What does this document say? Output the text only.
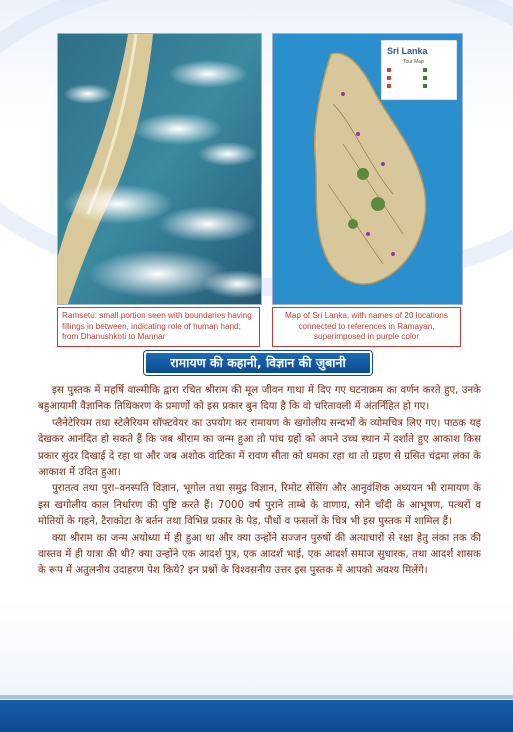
Sri Lanka
Tour Map
Ramsetu: small portion seen with boundaries having fillings in between, indicating role of human hand; from Dhanushkoti to Mannar
Map of Sri Lanka, with names of 20 locations connected to references in Ramayan, superimposed in purple color
रामायण की कहानी, विज्ञान की ज़ुबानी

इस पुस्तक में महर्षि वाल्मीकि द्वारा रचित श्रीराम की मूल जीवन गाथा में दिए गए घटनाक्रम का वर्णन करते हुए, उनके बहुआयामी वैज्ञानिक तिथिकरण के प्रमाणों को इस प्रकार बुन दिया है कि वो चरितावली में अंतर्निहित हो गए।

प्लैनेटेरियम तथा स्टेलैरियम सॉफ्टवेयर का उपयोग कर रामायण के खगोलीय सन्दर्भों के व्योमचित्र लिए गए। पाठक यह देखकर आनंदित हो सकते हैं कि जब श्रीराम का जन्म हुआ तो पांच ग्रहों को अपने उच्च स्थान में दर्शाते हुए आकाश किस प्रकार सुंदर दिखाई दे रहा था और जब अशोक वाटिका में रावण सीता को धमका रहा था तो ग्रहण से ग्रसित चंद्रमा लंका के आकाश में उदित हुआ।

पुरातत्व तथा पुरा–वनस्पति विज्ञान, भूगोल तथा समुद्र विज्ञान, रिमोट सेंसिंग और आनुवंशिक अध्ययन भी रामायण के इस खगोलीय काल निर्धारण की पुष्टि करते हैं। 7000 वर्ष पुराने ताम्बे के वाणाग्र, सोने चाँदी के आभूषण, पत्थरों व मोतियों के गहने, टैराकोटा के बर्तन तथा विभिन्न प्रकार के पेड़, पौधों व फसलों के चित्र भी इस पुस्तक में शामिल हैं।

क्या श्रीराम का जन्म अयोध्या में ही हुआ था और क्या उन्होंने सज्जन पुरुषों की अत्याचारों से रक्षा हेतु लंका तक की वास्तव में ही यात्रा की थी? क्या उन्होंने एक आदर्श पुत्र, एक आदर्श भाई, एक आदर्श समाज सुधारक, तथा आदर्श शासक के रूप में अतुलनीय उदाहरण पेश किये? इन प्रश्नों के विश्वसनीय उत्तर इस पुस्तक में आपको अवश्य मिलेंगे।
